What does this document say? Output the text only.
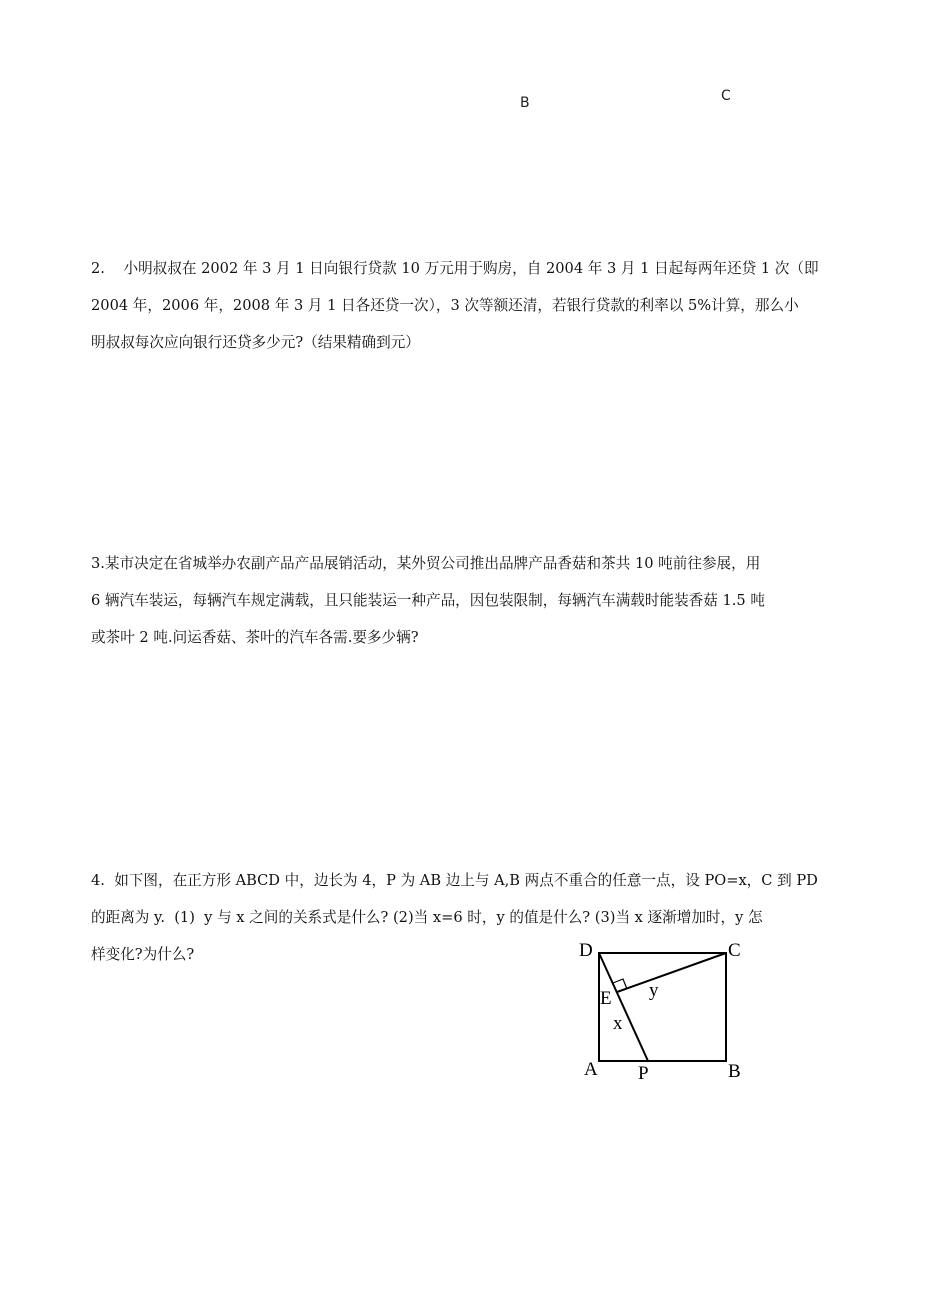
B	C

2.    小明叔叔在 2002 年 3 月 1 日向银行贷款 10 万元用于购房，自 2004 年 3 月 1 日起每两年还贷 1 次（即

2004 年，2006 年，2008 年 3 月 1 日各还贷一次），3 次等额还清，若银行贷款的利率以 5%计算，那么小

明叔叔每次应向银行还贷多少元?（结果精确到元）

3.某市决定在省城举办农副产品产品展销活动，某外贸公司推出品牌产品香菇和茶共 10 吨前往参展，用

6 辆汽车装运，每辆汽车规定满载，且只能装运一种产品，因包装限制，每辆汽车满载时能装香菇 1.5 吨

或茶叶 2 吨.问运香菇、茶叶的汽车各需.要多少辆?

4.  如下图，在正方形 ABCD 中，边长为 4，P 为 AB 边上与 A,B 两点不重合的任意一点，设 PO=x，C 到 PD

的距离为 y.  (1)  y 与 x 之间的关系式是什么? (2)当 x=6 时，y 的值是什么? (3)当 x 逐渐增加时，y 怎

样变化?为什么?	D	C
E y
x
A P	B
